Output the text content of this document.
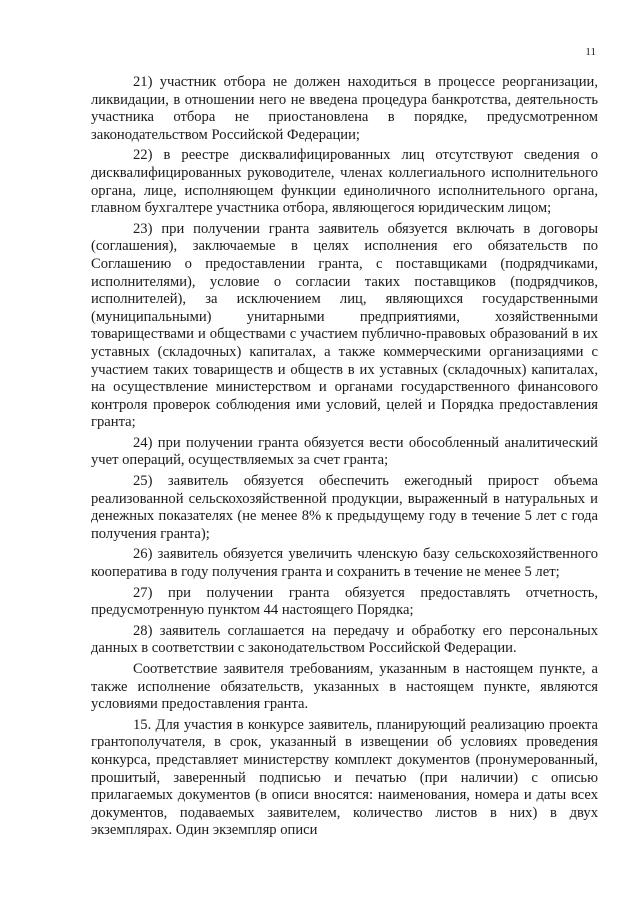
11

21) участник отбора не должен находиться в процессе реорганизации, ликвидации, в отношении него не введена процедура банкротства, деятельность участника отбора не приостановлена в порядке, предусмотренном законодательством Российской Федерации;

22) в реестре дисквалифицированных лиц отсутствуют сведения о дисквалифицированных руководителе, членах коллегиального исполнительного органа, лице, исполняющем функции единоличного исполнительного органа, главном бухгалтере участника отбора, являющегося юридическим лицом;

23) при получении гранта заявитель обязуется включать в договоры (соглашения), заключаемые в целях исполнения его обязательств по Соглашению о предоставлении гранта, с поставщиками (подрядчиками, исполнителями), условие о согласии таких поставщиков (подрядчиков, исполнителей), за исключением лиц, являющихся государственными (муниципальными) унитарными предприятиями, хозяйственными товариществами и обществами с участием публично-правовых образований в их уставных (складочных) капиталах, а также коммерческими организациями с участием таких товариществ и обществ в их уставных (складочных) капиталах, на осуществление министерством и органами государственного финансового контроля проверок соблюдения ими условий, целей и Порядка предоставления гранта;

24) при получении гранта обязуется вести обособленный аналитический учет операций, осуществляемых за счет гранта;

25) заявитель обязуется обеспечить ежегодный прирост объема реализованной сельскохозяйственной продукции, выраженный в натуральных и денежных показателях (не менее 8% к предыдущему году в течение 5 лет с года получения гранта);

26) заявитель обязуется увеличить членскую базу сельскохозяйственного кооператива в году получения гранта и сохранить в течение не менее 5 лет;

27) при получении гранта обязуется предоставлять отчетность, предусмотренную пунктом 44 настоящего Порядка;

28) заявитель соглашается на передачу и обработку его персональных данных в соответствии с законодательством Российской Федерации.

Соответствие заявителя требованиям, указанным в настоящем пункте, а также исполнение обязательств, указанных в настоящем пункте, являются условиями предоставления гранта.

15. Для участия в конкурсе заявитель, планирующий реализацию проекта грантополучателя, в срок, указанный в извещении об условиях проведения конкурса, представляет министерству комплект документов (пронумерованный, прошитый, заверенный подписью и печатью (при наличии) с описью прилагаемых документов (в описи вносятся: наименования, номера и даты всех документов, подаваемых заявителем, количество листов в них) в двух экземплярах. Один экземпляр описи
